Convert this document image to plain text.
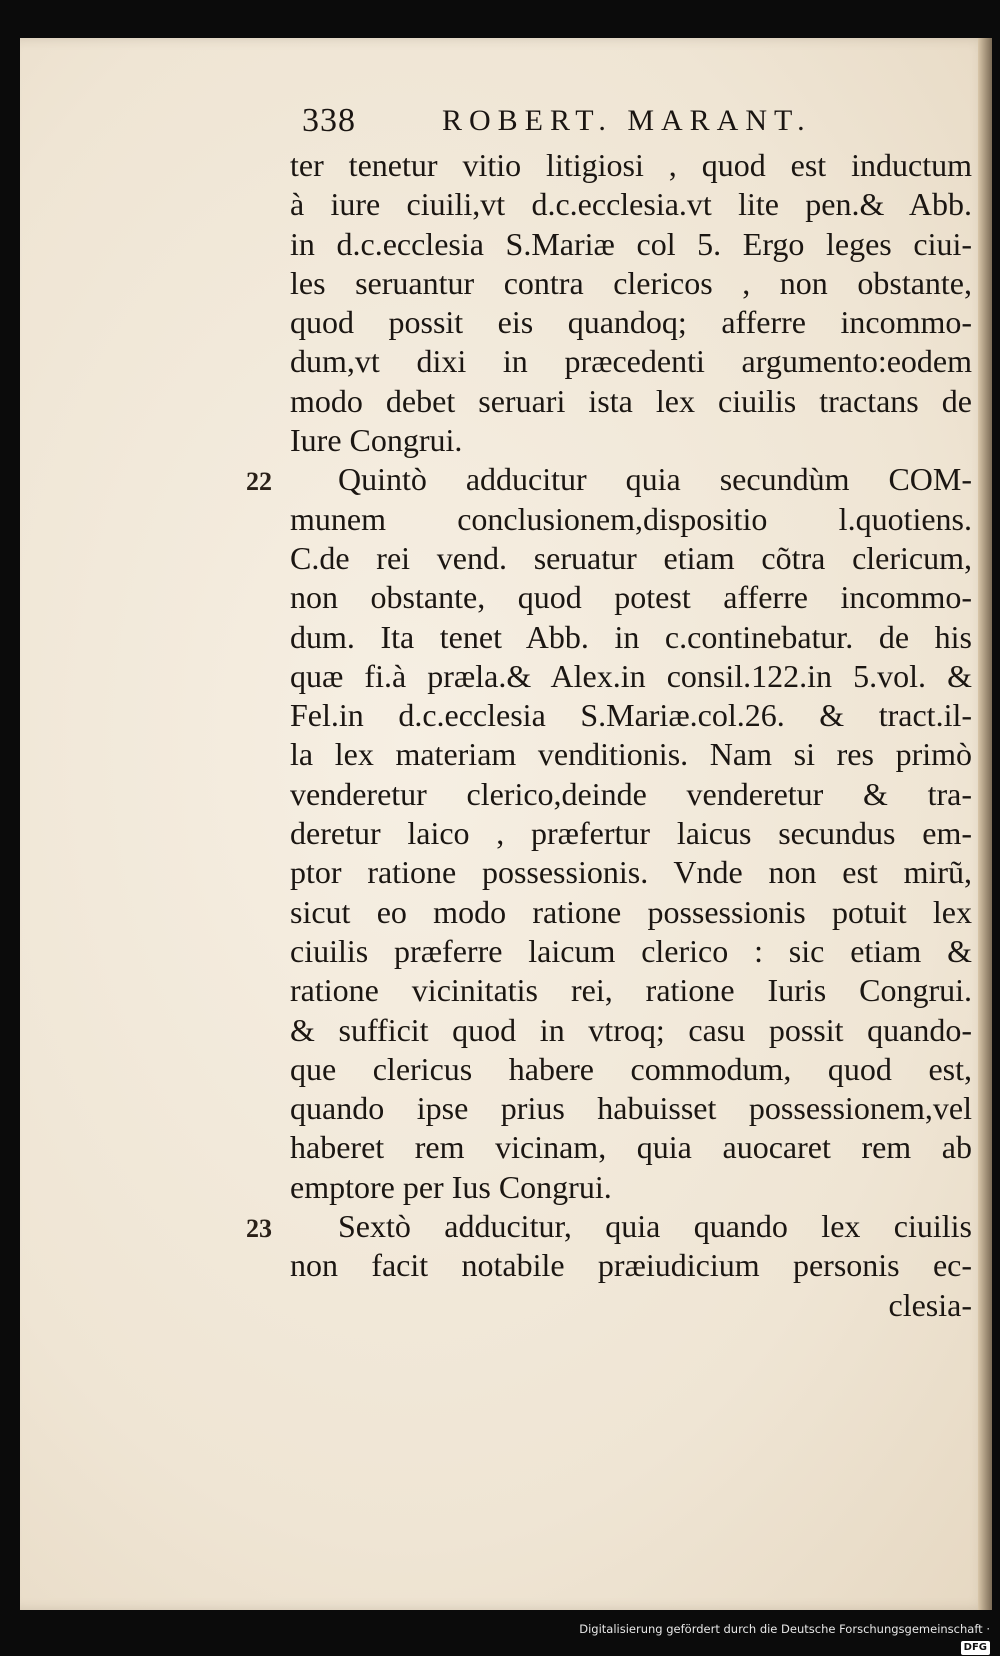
338	ROBERT. MARANT.
ter tenetur vitio litigiosi , quod est inductum
à iure ciuili,vt d.c.ecclesia.vt lite pen.& Abb.
in d.c.ecclesia S.Mariæ col 5. Ergo leges ciui-
les seruantur contra clericos , non obstante,
quod possit eis quandoq; afferre incommo-
dum,vt dixi in præcedenti argumento:eodem
modo debet seruari ista lex ciuilis tractans de
Iure Congrui.
22 Quintò adducitur quia secundùm COM-
munem conclusionem,dispositio l.quotiens.
C.de rei vend. seruatur etiam cõtra clericum,
non obstante, quod potest afferre incommo-
dum. Ita tenet Abb. in c.continebatur. de his
quæ fi.à præla.& Alex.in consil.122.in 5.vol. &
Fel.in d.c.ecclesia S.Mariæ.col.26. & tract.il-
la lex materiam venditionis. Nam si res primò
venderetur clerico,deinde venderetur & tra-
deretur laico , præfertur laicus secundus em-
ptor ratione possessionis. Vnde non est mirũ,
sicut eo modo ratione possessionis potuit lex
ciuilis præferre laicum clerico : sic etiam &
ratione vicinitatis rei, ratione Iuris Congrui.
& sufficit quod in vtroq; casu possit quando-
que clericus habere commodum, quod est,
quando ipse prius habuisset possessionem,vel
haberet rem vicinam, quia auocaret rem ab
emptore per Ius Congrui.
23 Sextò adducitur, quia quando lex ciuilis
non facit notabile præiudicium personis ec-
clesia-
Digitalisierung gefördert durch die Deutsche Forschungsgemeinschaft ·DFG
